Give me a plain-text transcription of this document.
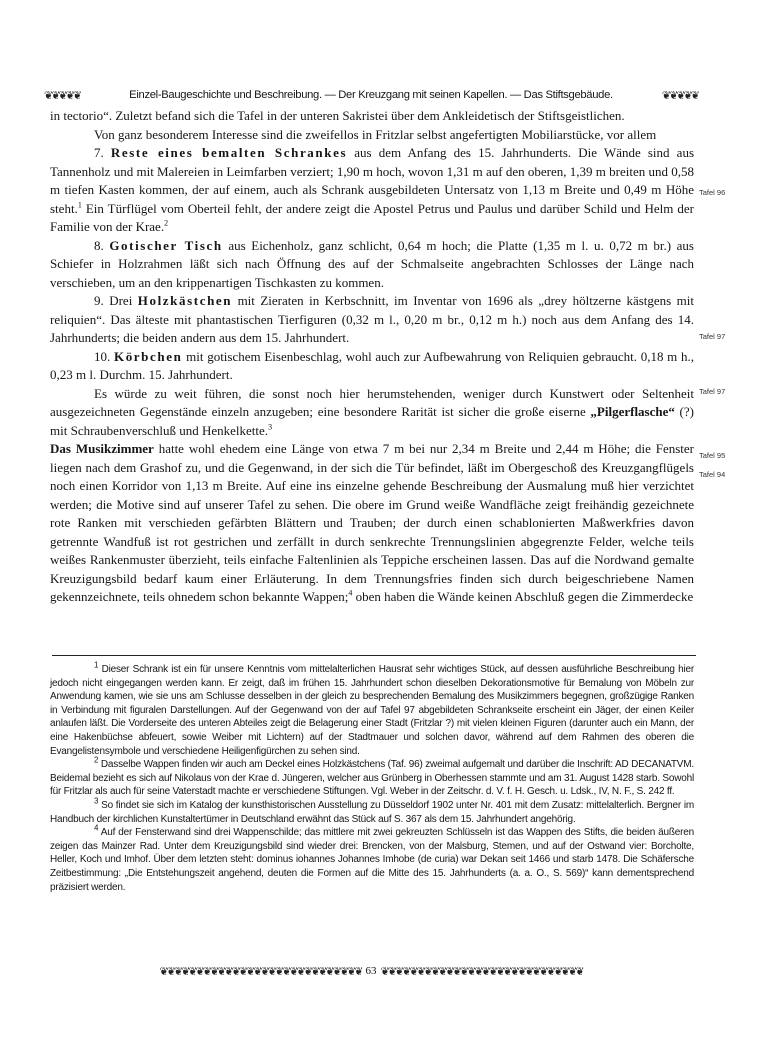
❦❦❦❦❦	Einzel-Baugeschichte und Beschreibung. — Der Kreuzgang mit seinen Kapellen. — Das Stiftsgebäude.	❦❦❦❦❦

in tectorio“. Zuletzt befand sich die Tafel in der unteren Sakristei über dem Ankleidetisch der Stiftsgeistlichen.

Von ganz besonderem Interesse sind die zweifellos in Fritzlar selbst angefertigten Mobiliarstücke, vor allem

7. Reste eines bemalten Schrankes aus dem Anfang des 15. Jahrhunderts. Die Wände sind aus Tannenholz und mit Malereien in Leimfarben verziert; 1,90 m hoch, wovon 1,31 m auf den oberen, 1,39 m breiten und 0,58 m tiefen Kasten kommen, der auf einem, auch als Schrank ausgebildeten Untersatz von 1,13 m Breite und 0,49 m Höhe steht.$^1$ Ein Türflügel vom Oberteil fehlt, der andere zeigt die Apostel Petrus und Paulus und darüber Schild und Helm der Familie von der Krae.$^2$

8. Gotischer Tisch aus Eichenholz, ganz schlicht, 0,64 m hoch; die Platte (1,35 m l. u. 0,72 m br.) aus Schiefer in Holzrahmen läßt sich nach Öffnung des auf der Schmalseite angebrachten Schlosses der Länge nach verschieben, um an den krippenartigen Tischkasten zu kommen.

9. Drei Holzkästchen mit Zieraten in Kerbschnitt, im Inventar von 1696 als „drey höltzerne kästgens mit reliquien“. Das älteste mit phantastischen Tierfiguren (0,32 m l., 0,20 m br., 0,12 m h.) noch aus dem Anfang des 14. Jahrhunderts; die beiden andern aus dem 15. Jahrhundert.

10. Körbchen mit gotischem Eisenbeschlag, wohl auch zur Aufbewahrung von Reliquien gebraucht. 0,18 m h., 0,23 m l. Durchm. 15. Jahrhundert.

Es würde zu weit führen, die sonst noch hier herumstehenden, weniger durch Kunstwert oder Seltenheit ausgezeichneten Gegenstände einzeln anzugeben; eine besondere Rarität ist sicher die große eiserne „Pilgerflasche“ (?) mit Schraubenverschluß und Henkelkette.$^3$

Das Musikzimmer hatte wohl ehedem eine Länge von etwa 7 m bei nur 2,34 m Breite und 2,44 m Höhe; die Fenster liegen nach dem Grashof zu, und die Gegenwand, in der sich die Tür befindet, läßt im Obergeschoß des Kreuzgangflügels noch einen Korridor von 1,13 m Breite. Auf eine ins einzelne gehende Beschreibung der Ausmalung muß hier verzichtet werden; die Motive sind auf unserer Tafel zu sehen. Die obere im Grund weiße Wandfläche zeigt freihändig gezeichnete rote Ranken mit verschieden gefärbten Blättern und Trauben; der durch einen schablonierten Maßwerkfries davon getrennte Wandfuß ist rot gestrichen und zerfällt in durch senkrechte Trennungslinien abgegrenzte Felder, welche teils weißes Rankenmuster überzieht, teils einfache Faltenlinien als Teppiche erscheinen lassen. Das auf die Nordwand gemalte Kreuzigungsbild bedarf kaum einer Erläuterung. In dem Trennungsfries finden sich durch beigeschriebene Namen gekennzeichnete, teils ohnedem schon bekannte Wappen;$^4$ oben haben die Wände keinen Abschluß gegen die Zimmerdecke

Tafel 96
Tafel 97
Tafel 97
Tafel 95
Tafel 94

$^1$ Dieser Schrank ist ein für unsere Kenntnis vom mittelalterlichen Hausrat sehr wichtiges Stück, auf dessen ausführliche Beschreibung hier jedoch nicht eingegangen werden kann. Er zeigt, daß im frühen 15. Jahrhundert schon dieselben Dekorationsmotive für Bemalung von Möbeln zur Anwendung kamen, wie sie uns am Schlusse desselben in der gleich zu besprechenden Bemalung des Musikzimmers begegnen, großzügige Ranken in Verbindung mit figuralen Darstellungen. Auf der Gegenwand von der auf Tafel 97 abgebildeten Schrankseite erscheint ein Jäger, der einen Keiler anlaufen läßt. Die Vorderseite des unteren Abteiles zeigt die Belagerung einer Stadt (Fritzlar ?) mit vielen kleinen Figuren (darunter auch ein Mann, der eine Hakenbüchse abfeuert, sowie Weiber mit Lichtern) auf der Stadtmauer und solchen davor, während auf dem Rahmen des oberen die Evangelistensymbole und verschiedene Heiligenfigürchen zu sehen sind.

$^2$ Dasselbe Wappen finden wir auch am Deckel eines Holzkästchens (Taf. 96) zweimal aufgemalt und darüber die Inschrift: AD DECANATVM. Beidemal bezieht es sich auf Nikolaus von der Krae d. Jüngeren, welcher aus Grünberg in Oberhessen stammte und am 31. August 1428 starb. Sowohl für Fritzlar als auch für seine Vaterstadt machte er verschiedene Stiftungen. Vgl. Weber in der Zeitschr. d. V. f. H. Gesch. u. Ldsk., IV, N. F., S. 242 ff.

$^3$ So findet sie sich im Katalog der kunsthistorischen Ausstellung zu Düsseldorf 1902 unter Nr. 401 mit dem Zusatz: mittelalterlich. Bergner im Handbuch der kirchlichen Kunstaltertümer in Deutschland erwähnt das Stück auf S. 367 als dem 15. Jahrhundert angehörig.

$^4$ Auf der Fensterwand sind drei Wappenschilde; das mittlere mit zwei gekreuzten Schlüsseln ist das Wappen des Stifts, die beiden äußeren zeigen das Mainzer Rad. Unter dem Kreuzigungsbild sind wieder drei: Brencken, von der Malsburg, Stemen, und auf der Ostwand vier: Borcholte, Heller, Koch und Imhof. Über dem letzten steht: dominus iohannes Johannes Imhobe (de curia) war Dekan seit 1466 und starb 1478. Die Schäfersche Zeitbestimmung: „Die Entstehungszeit angehend, deuten die Formen auf die Mitte des 15. Jahrhunderts (a. a. O., S. 569)“ kann dementsprechend präzisiert werden.

❦❦❦❦❦❦❦❦❦❦❦❦❦❦❦❦❦❦❦❦❦❦❦❦❦❦❦❦ 63 ❦❦❦❦❦❦❦❦❦❦❦❦❦❦❦❦❦❦❦❦❦❦❦❦❦❦❦❦
